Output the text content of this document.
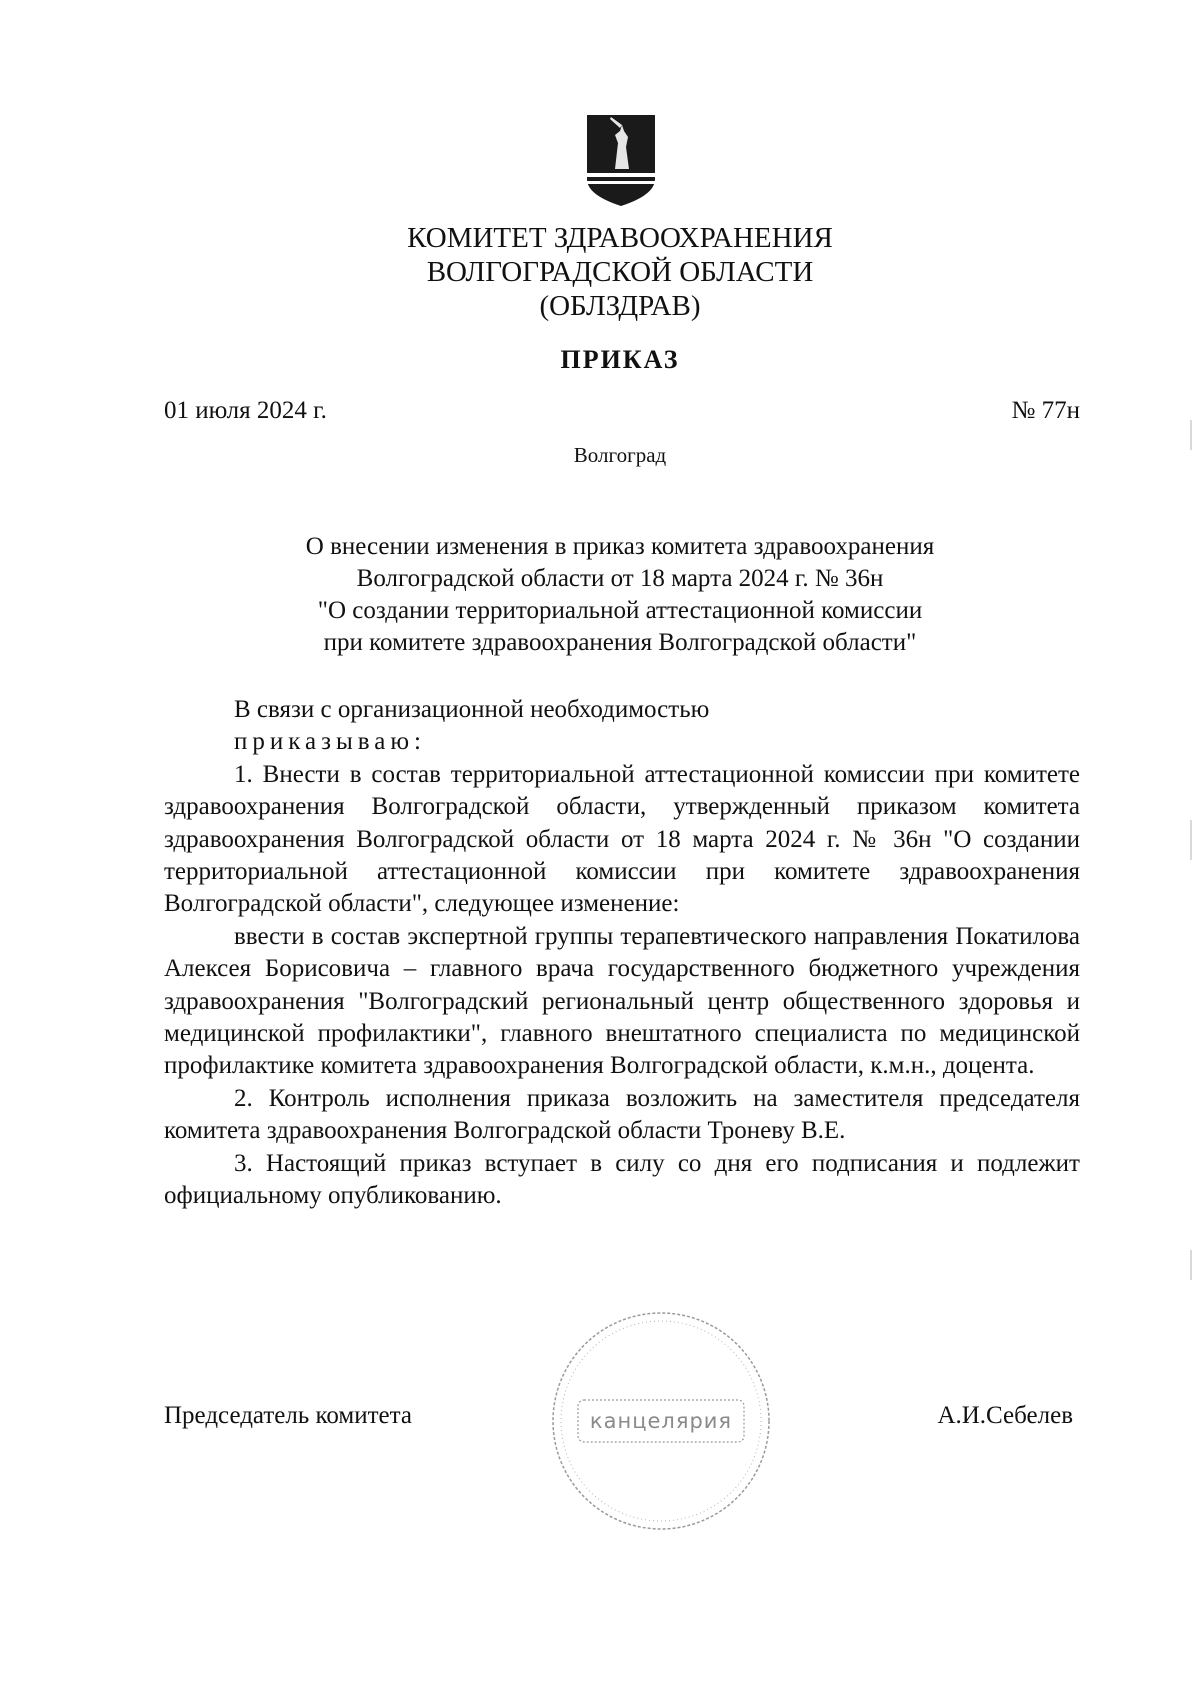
КОМИТЕТ ЗДРАВООХРАНЕНИЯ
ВОЛГОГРАДСКОЙ ОБЛАСТИ
(ОБЛЗДРАВ)
ПРИКАЗ
01 июля 2024 г.	№ 77н
Волгоград
О внесении изменения в приказ комитета здравоохранения
Волгоградской области от 18 марта 2024 г. № 36н
"О создании территориальной аттестационной комиссии
при комитете здравоохранения Волгоградской области"

В связи с организационной необходимостью

приказываю:

1. Внести в состав территориальной аттестационной комиссии при комитете здравоохранения Волгоградской области, утвержденный приказом комитета здравоохранения Волгоградской области от 18 марта 2024 г. № 36н "О создании территориальной аттестационной комиссии при комитете здравоохранения Волгоградской области", следующее изменение:

ввести в состав экспертной группы терапевтического направления Покатилова Алексея Борисовича – главного врача государственного бюджетного учреждения здравоохранения "Волгоградский региональный центр общественного здоровья и медицинской профилактики", главного внештатного специалиста по медицинской профилактике комитета здравоохранения Волгоградской области, к.м.н., доцента.

2. Контроль исполнения приказа возложить на заместителя председателя комитета здравоохранения Волгоградской области Троневу В.Е.

3. Настоящий приказ вступает в силу со дня его подписания и подлежит официальному опубликованию.

канцелярия
Председатель комитета	А.И.Себелев
